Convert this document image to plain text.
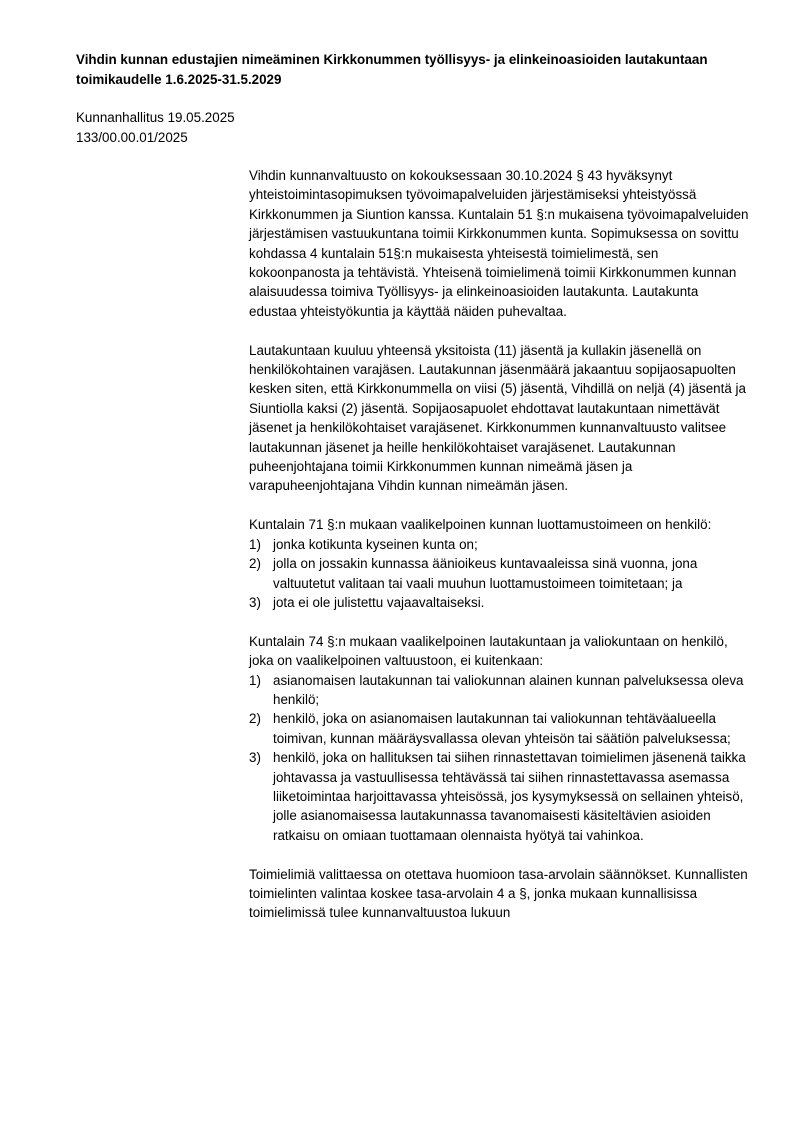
Vihdin kunnan edustajien nimeäminen Kirkkonummen työllisyys- ja elinkeinoasioiden lautakuntaan toimikaudelle 1.6.2025-31.5.2029
Kunnanhallitus 19.05.2025
133/00.00.01/2025

Vihdin kunnanvaltuusto on kokouksessaan 30.10.2024 § 43 hyväksynyt yhteistoimintasopimuksen työvoimapalveluiden järjestämiseksi yhteistyössä Kirkkonummen ja Siuntion kanssa. Kuntalain 51 §:n mukaisena työvoimapalveluiden järjestämisen vastuukuntana toimii Kirkkonummen kunta. Sopimuksessa on sovittu kohdassa 4 kuntalain 51§:n mukaisesta yhteisestä toimielimestä, sen kokoonpanosta ja tehtävistä. Yhteisenä toimielimenä toimii Kirkkonummen kunnan alaisuudessa toimiva Työllisyys- ja elinkeinoasioiden lautakunta. Lautakunta edustaa yhteistyökuntia ja käyttää näiden puhevaltaa.

Lautakuntaan kuuluu yhteensä yksitoista (11) jäsentä ja kullakin jäsenellä on henkilökohtainen varajäsen. Lautakunnan jäsenmäärä jakaantuu sopijaosapuolten kesken siten, että Kirkkonummella on viisi (5) jäsentä, Vihdillä on neljä (4) jäsentä ja Siuntiolla kaksi (2) jäsentä. Sopijaosapuolet ehdottavat lautakuntaan nimettävät jäsenet ja henkilökohtaiset varajäsenet. Kirkkonummen kunnanvaltuusto valitsee lautakunnan jäsenet ja heille henkilökohtaiset varajäsenet. Lautakunnan puheenjohtajana toimii Kirkkonummen kunnan nimeämä jäsen ja varapuheenjohtajana Vihdin kunnan nimeämän jäsen.

Kuntalain 71 §:n mukaan vaalikelpoinen kunnan luottamustoimeen on henkilö:

1) jonka kotikunta kyseinen kunta on;
2) jolla on jossakin kunnassa äänioikeus kuntavaaleissa sinä vuonna, jona valtuutetut valitaan tai vaali muuhun luottamustoimeen toimitetaan; ja
3) jota ei ole julistettu vajaavaltaiseksi.

Kuntalain 74 §:n mukaan vaalikelpoinen lautakuntaan ja valiokuntaan on henkilö, joka on vaalikelpoinen valtuustoon, ei kuitenkaan:

1) asianomaisen lautakunnan tai valiokunnan alainen kunnan palveluksessa oleva henkilö;
2) henkilö, joka on asianomaisen lautakunnan tai valiokunnan tehtäväalueella toimivan, kunnan määräysvallassa olevan yhteisön tai säätiön palveluksessa;
3) henkilö, joka on hallituksen tai siihen rinnastettavan toimielimen jäsenenä taikka johtavassa ja vastuullisessa tehtävässä tai siihen rinnastettavassa asemassa liiketoimintaa harjoittavassa yhteisössä, jos kysymyksessä on sellainen yhteisö, jolle asianomaisessa lautakunnassa tavanomaisesti käsiteltävien asioiden ratkaisu on omiaan tuottamaan olennaista hyötyä tai vahinkoa.

Toimielimiä valittaessa on otettava huomioon tasa-arvolain säännökset. Kunnallisten toimielinten valintaa koskee tasa-arvolain 4 a §, jonka mukaan kunnallisissa toimielimissä tulee kunnanvaltuustoa lukuun
